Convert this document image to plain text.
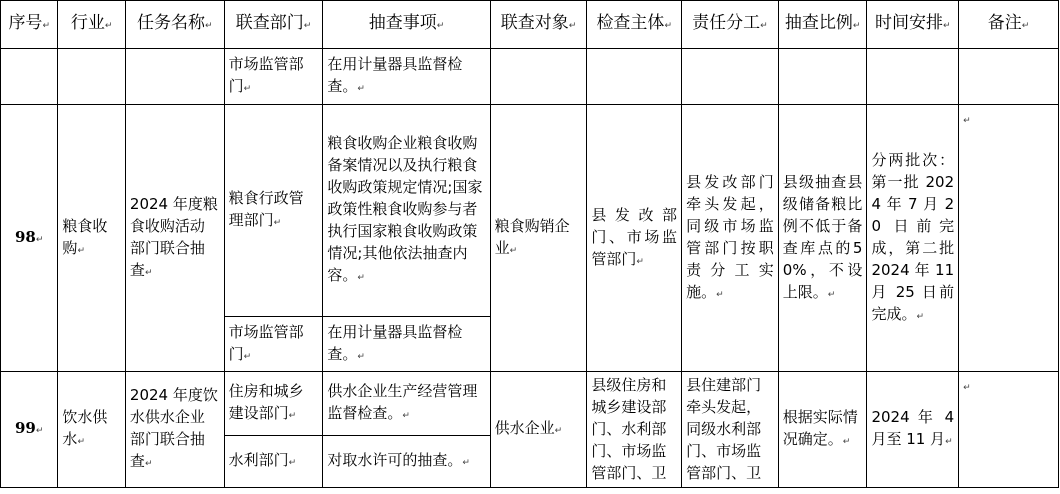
序号↵	行业↵	任务名称↵	联查部门↵	抽查事项↵	联查对象↵	检查主体↵	责任分工↵	抽查比例↵	时间安排↵	备注↵
			市场监管部门↵	在用计量器具监督检查。↵						
98↵	粮食收购↵	2024 年度粮食收购活动部门联合抽查↵	粮食行政管理部门↵	粮食收购企业粮食收购备案情况以及执行粮食收购政策规定情况;国家政策性粮食收购参与者执行国家粮食收购政策情况;其他依法抽查内容。↵	粮食购销企业↵	县发改部门、市场监管部门↵	县发改部门牵头发起，同级市场监管部门按职责分工实施。↵	县级抽查县级储备粮比例不低于备查库点的50%，不设上限。↵	分两批次：第一批 2024 年 7 月 20 日前完成，第二批 2024 年 11 月 25 日前完成。↵	↵
			市场监管部门↵	在用计量器具监督检查。↵						
99↵	饮水供水↵	2024 年度饮水供水企业部门联合抽查↵	住房和城乡建设部门↵	供水企业生产经营管理监督检查。↵	供水企业↵	县级住房和城乡建设部门、水利部门、市场监管部门、卫	县住建部门牵头发起，同级水利部门、市场监管部门、卫	根据实际情况确定。↵	2024 年 4 月至 11 月↵	↵
			水利部门↵	对取水许可的抽查。↵						
